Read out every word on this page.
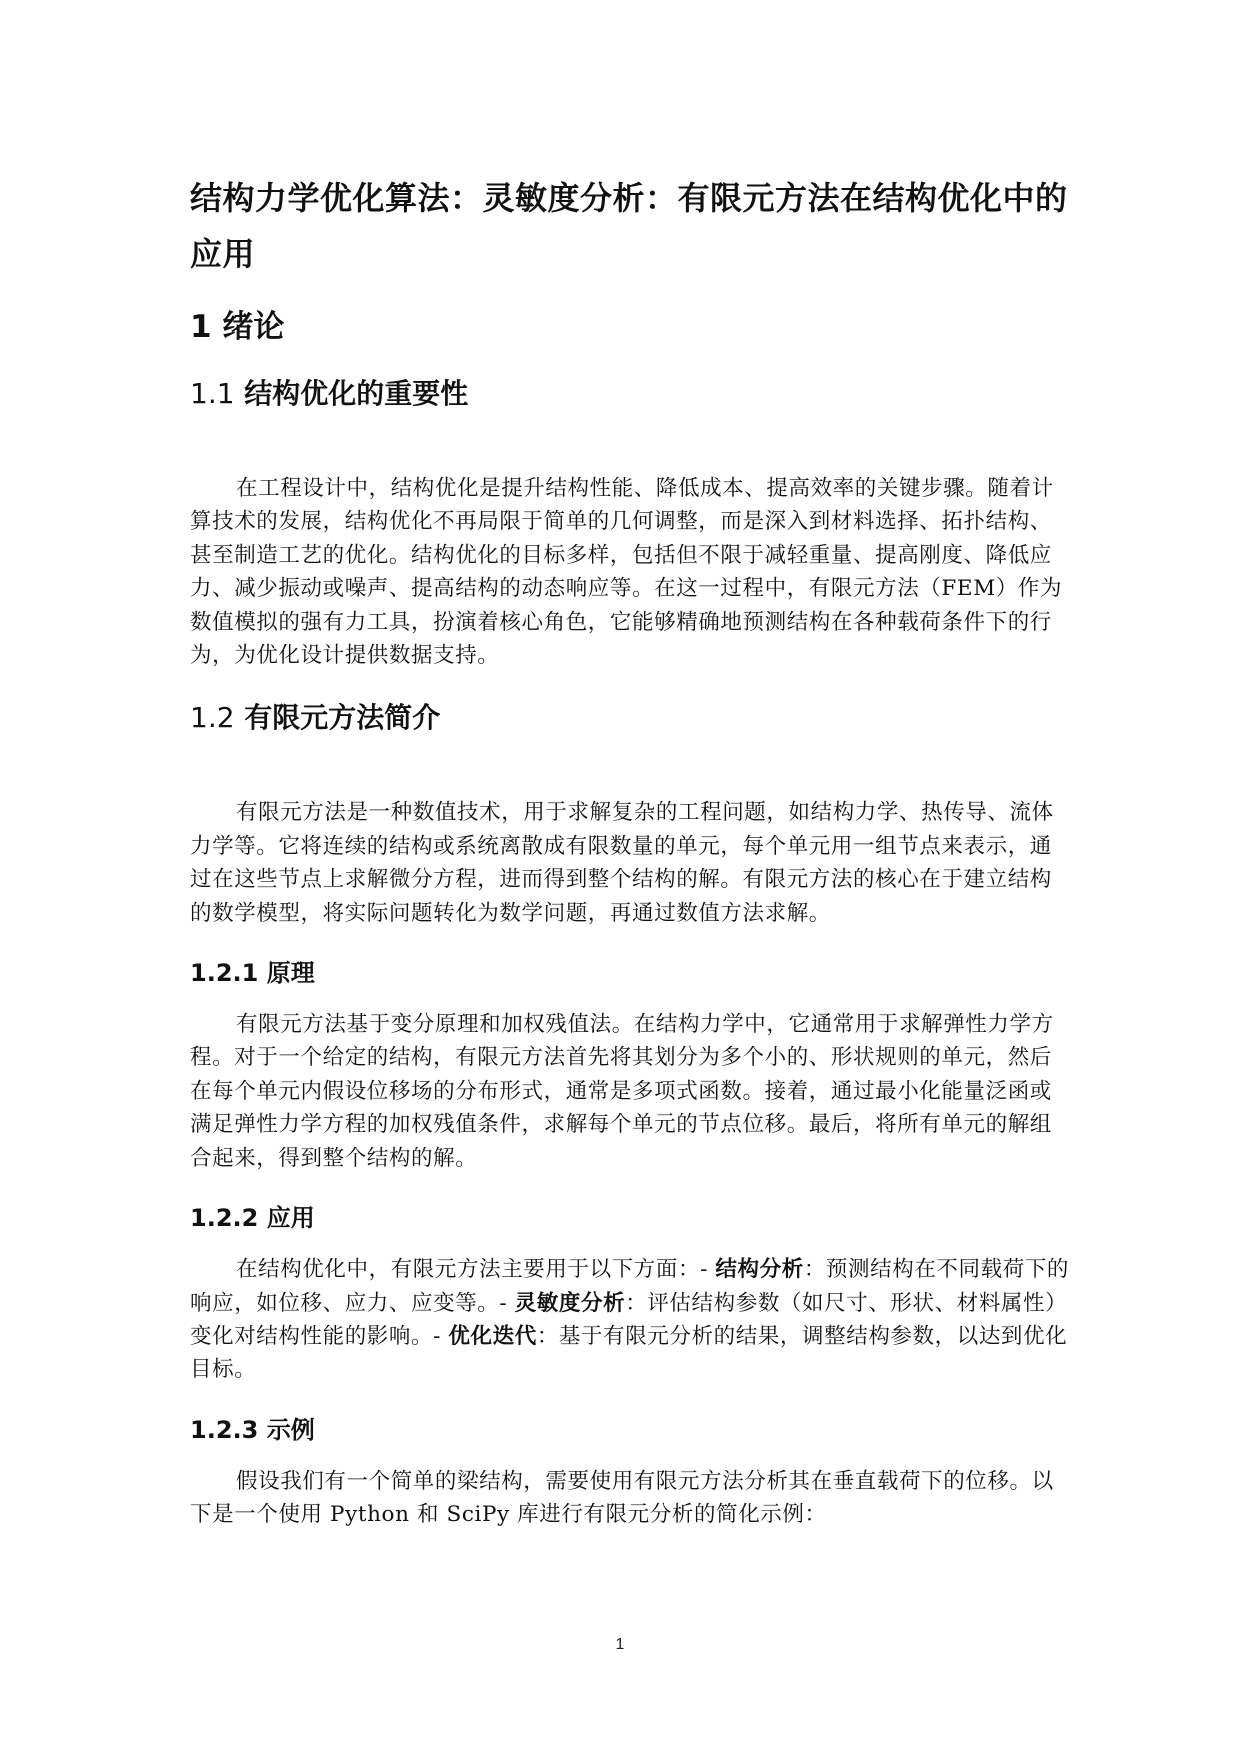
结构力学优化算法：灵敏度分析：有限元方法在结构优化中的应用
1 绪论
1.1 结构优化的重要性

在工程设计中，结构优化是提升结构性能、降低成本、提高效率的关键步骤。随着计算技术的发展，结构优化不再局限于简单的几何调整，而是深入到材料选择、拓扑结构、甚至制造工艺的优化。结构优化的目标多样，包括但不限于减轻重量、提高刚度、降低应力、减少振动或噪声、提高结构的动态响应等。在这一过程中，有限元方法（FEM）作为数值模拟的强有力工具，扮演着核心角色，它能够精确地预测结构在各种载荷条件下的行为，为优化设计提供数据支持。

1.2 有限元方法简介

有限元方法是一种数值技术，用于求解复杂的工程问题，如结构力学、热传导、流体力学等。它将连续的结构或系统离散成有限数量的单元，每个单元用一组节点来表示，通过在这些节点上求解微分方程，进而得到整个结构的解。有限元方法的核心在于建立结构的数学模型，将实际问题转化为数学问题，再通过数值方法求解。

1.2.1 原理

有限元方法基于变分原理和加权残值法。在结构力学中，它通常用于求解弹性力学方程。对于一个给定的结构，有限元方法首先将其划分为多个小的、形状规则的单元，然后在每个单元内假设位移场的分布形式，通常是多项式函数。接着，通过最小化能量泛函或满足弹性力学方程的加权残值条件，求解每个单元的节点位移。最后，将所有单元的解组合起来，得到整个结构的解。

1.2.2 应用

在结构优化中，有限元方法主要用于以下方面：- 结构分析：预测结构在不同载荷下的响应，如位移、应力、应变等。- 灵敏度分析：评估结构参数（如尺寸、形状、材料属性）变化对结构性能的影响。- 优化迭代：基于有限元分析的结果，调整结构参数，以达到优化目标。

1.2.3 示例

假设我们有一个简单的梁结构，需要使用有限元方法分析其在垂直载荷下的位移。以下是一个使用 Python 和 SciPy 库进行有限元分析的简化示例：

1
